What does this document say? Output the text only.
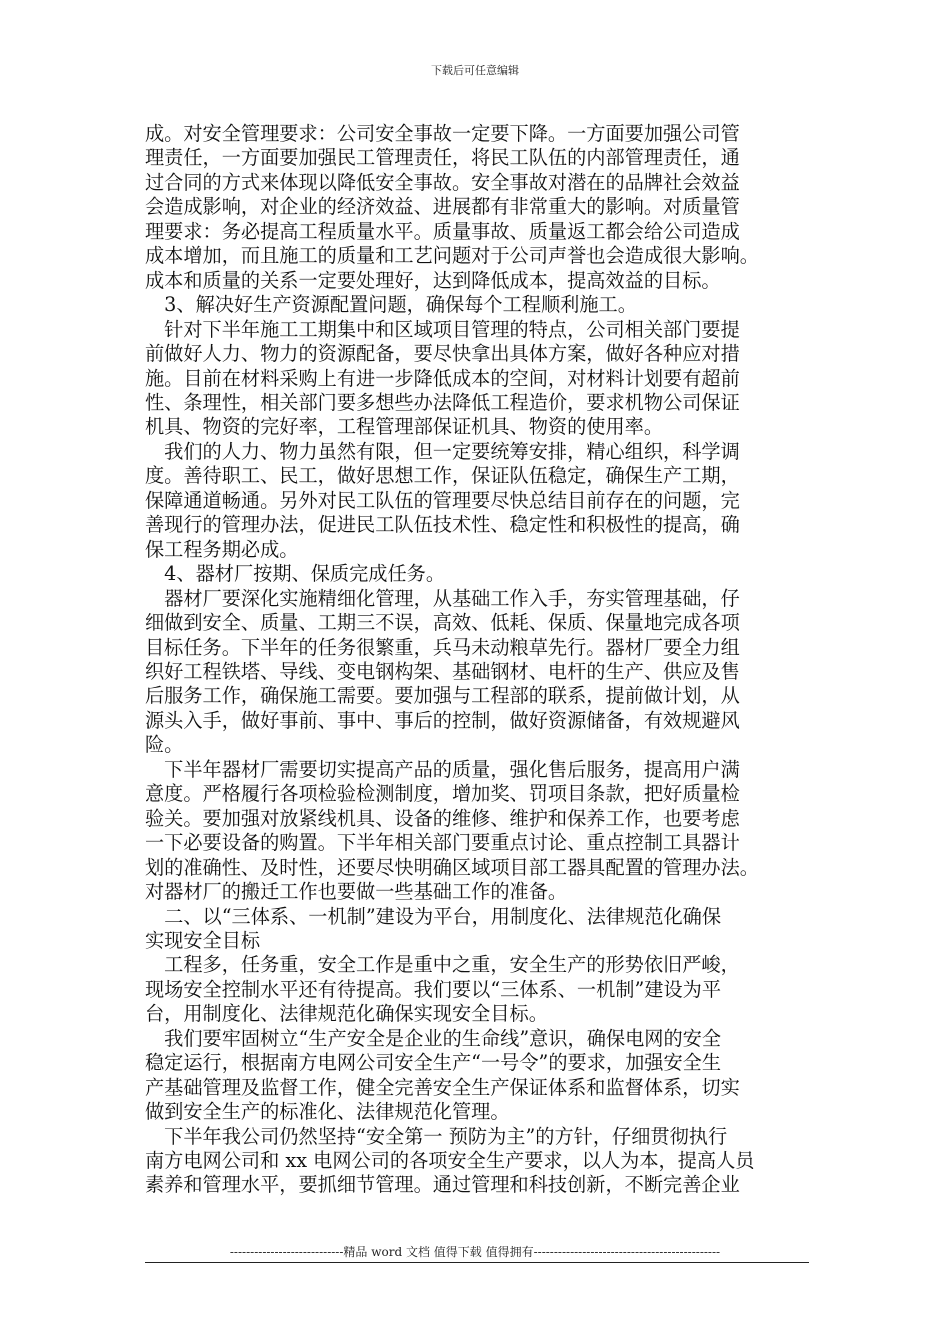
下载后可任意编辑
成。对安全管理要求：公司安全事故一定要下降。一方面要加强公司管
理责任，一方面要加强民工管理责任，将民工队伍的内部管理责任，通
过合同的方式来体现以降低安全事故。安全事故对潜在的品牌社会效益
会造成影响，对企业的经济效益、进展都有非常重大的影响。对质量管
理要求：务必提高工程质量水平。质量事故、质量返工都会给公司造成
成本增加，而且施工的质量和工艺问题对于公司声誉也会造成很大影响。
成本和质量的关系一定要处理好，达到降低成本，提高效益的目标。
　3、解决好生产资源配置问题，确保每个工程顺利施工。
　针对下半年施工工期集中和区域项目管理的特点，公司相关部门要提
前做好人力、物力的资源配备，要尽快拿出具体方案，做好各种应对措
施。目前在材料采购上有进一步降低成本的空间，对材料计划要有超前
性、条理性，相关部门要多想些办法降低工程造价，要求机物公司保证
机具、物资的完好率，工程管理部保证机具、物资的使用率。
　我们的人力、物力虽然有限，但一定要统筹安排，精心组织，科学调
度。善待职工、民工，做好思想工作，保证队伍稳定，确保生产工期，
保障通道畅通。另外对民工队伍的管理要尽快总结目前存在的问题，完
善现行的管理办法，促进民工队伍技术性、稳定性和积极性的提高，确
保工程务期必成。
　4、器材厂按期、保质完成任务。
　器材厂要深化实施精细化管理，从基础工作入手，夯实管理基础，仔
细做到安全、质量、工期三不误，高效、低耗、保质、保量地完成各项
目标任务。下半年的任务很繁重，兵马未动粮草先行。器材厂要全力组
织好工程铁塔、导线、变电钢构架、基础钢材、电杆的生产、供应及售
后服务工作，确保施工需要。要加强与工程部的联系，提前做计划，从
源头入手，做好事前、事中、事后的控制，做好资源储备，有效规避风
险。
　下半年器材厂需要切实提高产品的质量，强化售后服务，提高用户满
意度。严格履行各项检验检测制度，增加奖、罚项目条款，把好质量检
验关。要加强对放紧线机具、设备的维修、维护和保养工作，也要考虑
一下必要设备的购置。下半年相关部门要重点讨论、重点控制工具器计
划的准确性、及时性，还要尽快明确区域项目部工器具配置的管理办法。
对器材厂的搬迁工作也要做一些基础工作的准备。
　二、以“三体系、一机制”建设为平台，用制度化、法律规范化确保
实现安全目标
　工程多，任务重，安全工作是重中之重，安全生产的形势依旧严峻，
现场安全控制水平还有待提高。我们要以“三体系、一机制”建设为平
台，用制度化、法律规范化确保实现安全目标。
　我们要牢固树立“生产安全是企业的生命线”意识，确保电网的安全
稳定运行，根据南方电网公司安全生产“一号令”的要求，加强安全生
产基础管理及监督工作，健全完善安全生产保证体系和监督体系，切实
做到安全生产的标准化、法律规范化管理。
　下半年我公司仍然坚持“安全第一 预防为主”的方针，仔细贯彻执行
南方电网公司和 xx 电网公司的各项安全生产要求，以人为本，提高人员
素养和管理水平，要抓细节管理。通过管理和科技创新，不断完善企业
----------------------------精品 word 文档 值得下载 值得拥有----------------------------------------------
